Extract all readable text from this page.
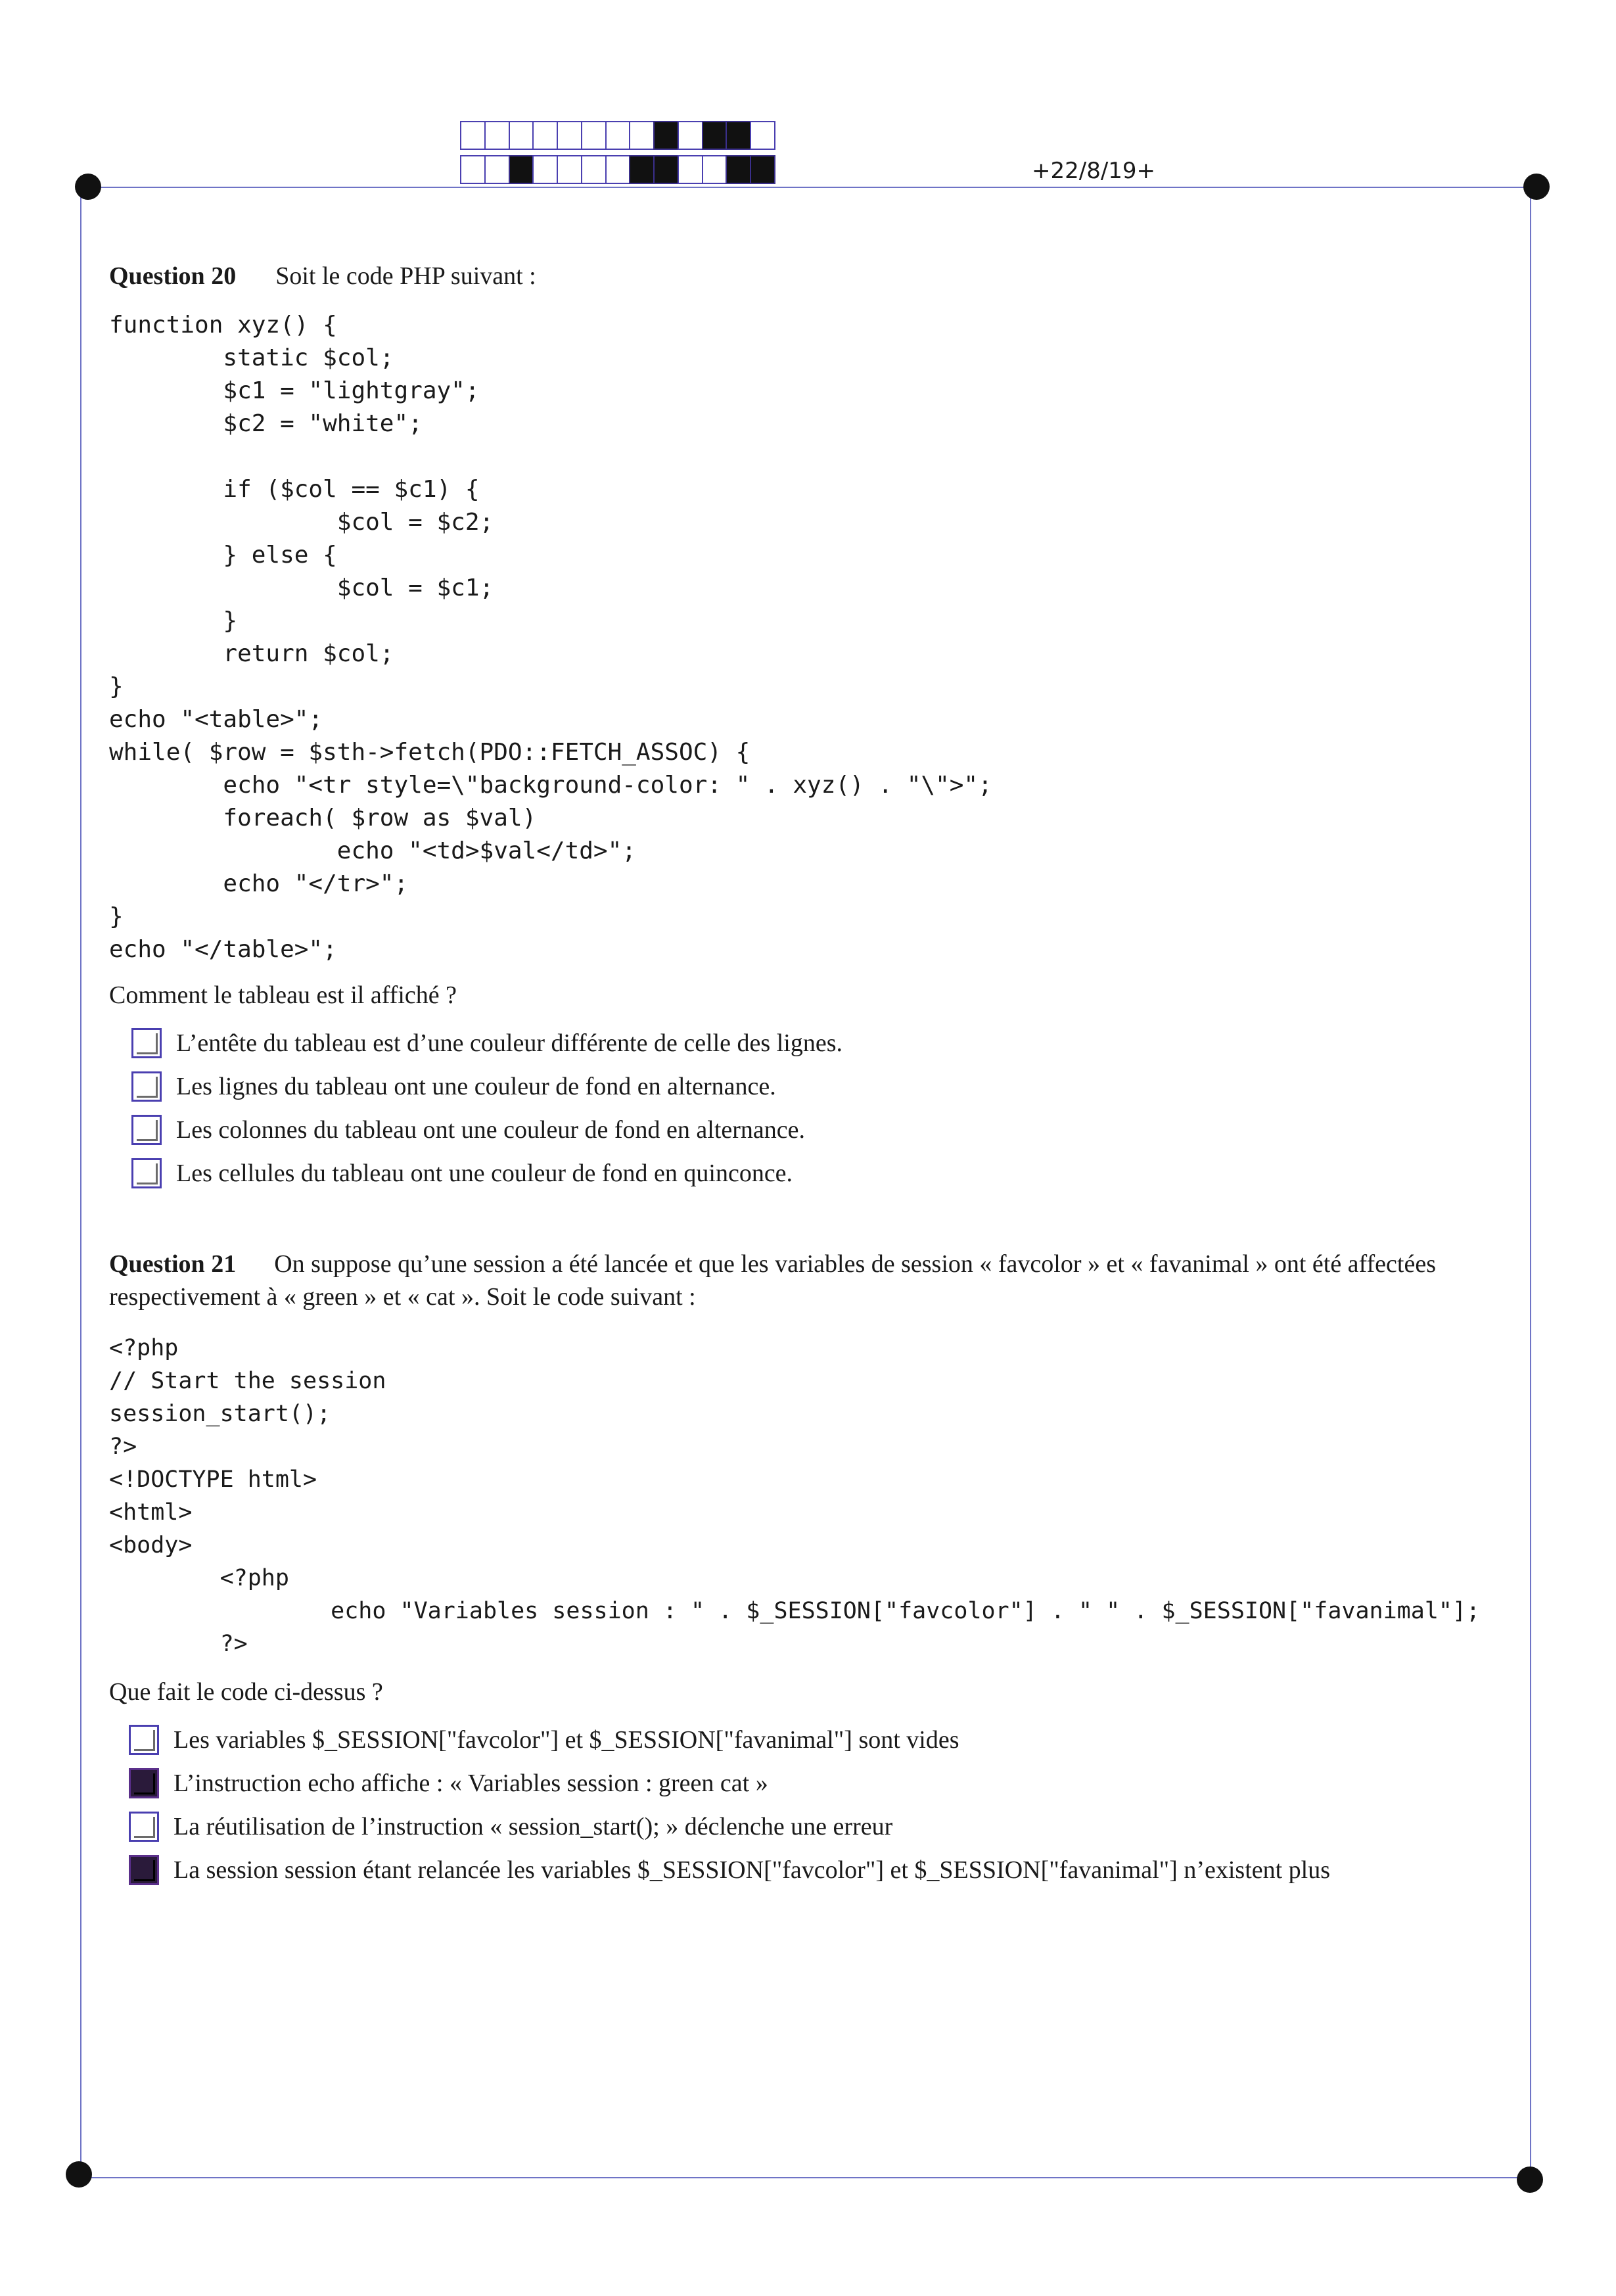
+22/8/19+
Question 20 Soit le code PHP suivant :
function xyz() {
static $col;
$c1 = "lightgray";
$c2 = "white";

if ($col == $c1) {
$col = $c2;
} else {
$col = $c1;
}
return $col;
}
echo "<table>";
while( $row = $sth->fetch(PDO::FETCH_ASSOC) {
echo "<tr style=\"background-color: " . xyz() . "\">";
foreach( $row as $val)
echo "<td>$val</td>";
echo "</tr>";
}
echo "</table>";
Comment le tableau est il affiché ?
L’entête du tableau est d’une couleur différente de celle des lignes.
Les lignes du tableau ont une couleur de fond en alternance.
Les colonnes du tableau ont une couleur de fond en alternance.
Les cellules du tableau ont une couleur de fond en quinconce.
Question 21 On suppose qu’une session a été lancée et que les variables de session « favcolor » et « favanimal » ont été affectées respectivement à « green » et « cat ». Soit le code suivant :
<?php
// Start the session
session_start();
?>
<!DOCTYPE html>
<html>
<body>
<?php
echo "Variables session : " . $_SESSION["favcolor"] . " " . $_SESSION["favanimal"];
?>
Que fait le code ci-dessus ?
Les variables $_SESSION["favcolor"] et $_SESSION["favanimal"] sont vides
L’instruction echo affiche : « Variables session : green cat »
La réutilisation de l’instruction « session_start(); » déclenche une erreur
La session session étant relancée les variables $_SESSION["favcolor"] et $_SESSION["favanimal"] n’existent plus
